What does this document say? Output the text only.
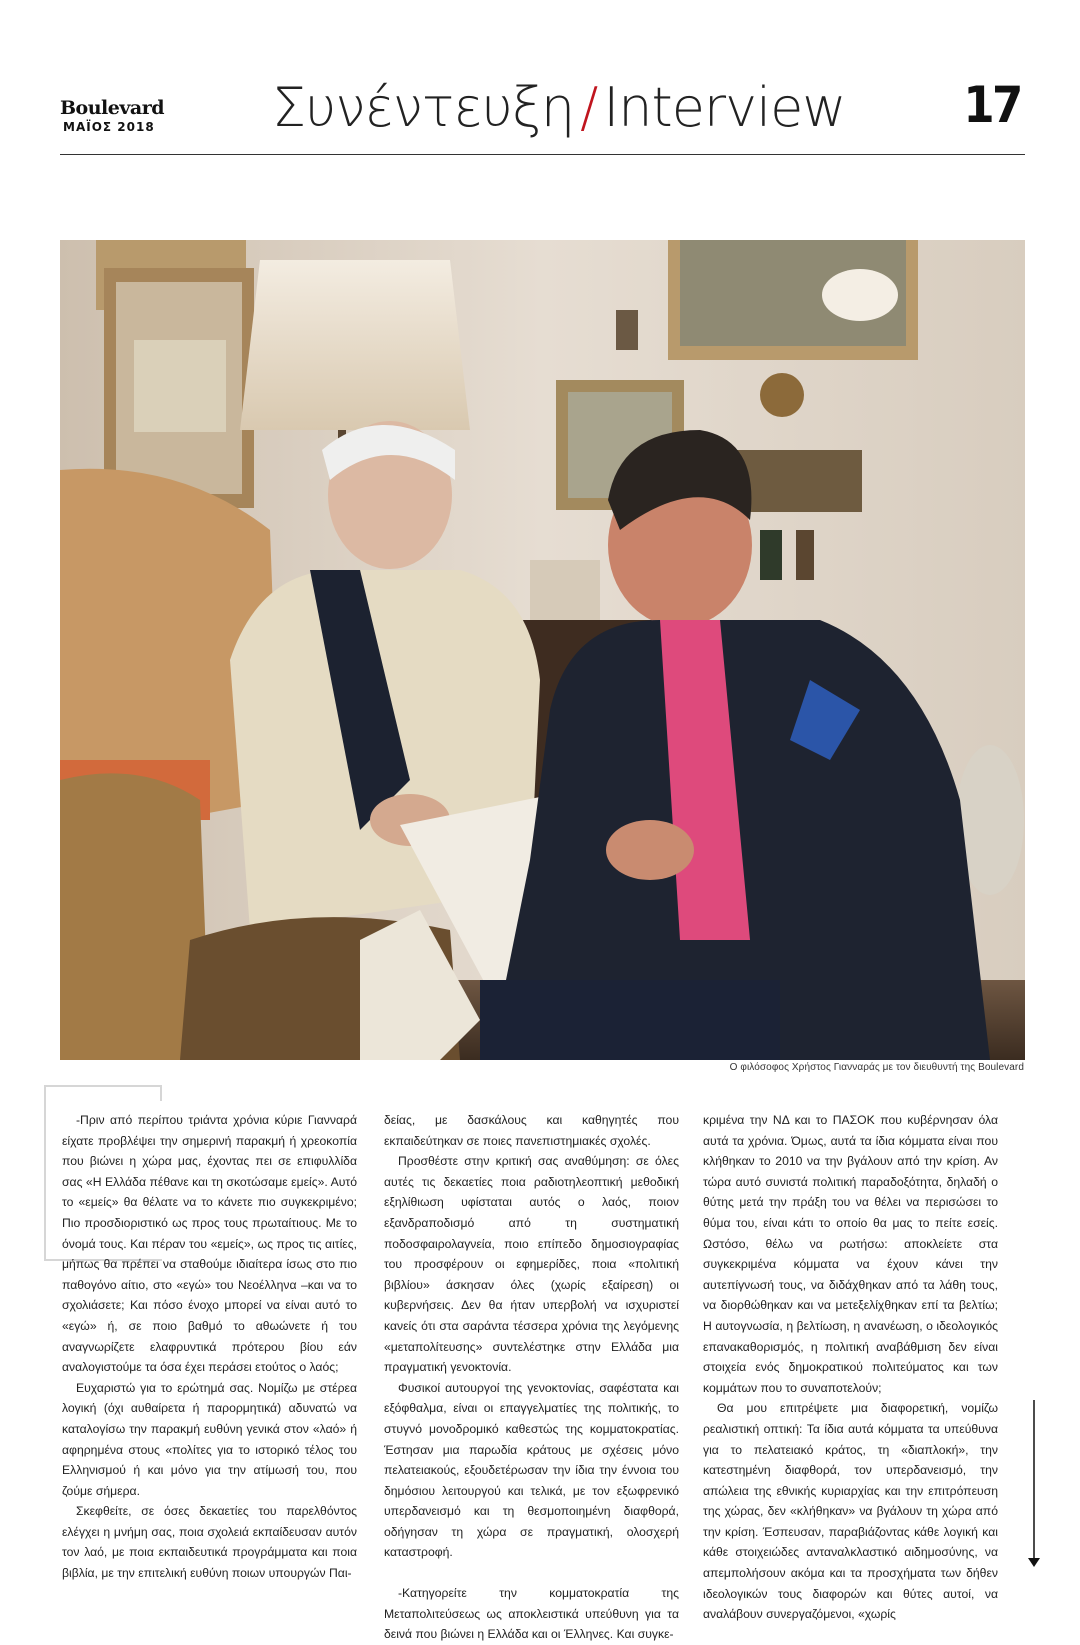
Boulevard
ΜΑΪΟΣ 2018 Συνέντευξη / Interview 17
Ο φιλόσοφος Χρήστος Γιανναράς με τον διευθυντή της Boulevard

-Πριν από περίπου τριάντα χρόνια κύριε Γιανναρά είχατε προβλέψει την σημερινή παρακμή ή χρεοκοπία που βιώνει η χώρα μας, έχοντας πει σε επιφυλλίδα σας «Η Ελλάδα πέθανε και τη σκοτώσαμε εμείς». Αυτό το «εμείς» θα θέλατε να το κάνετε πιο συγκεκριμένο; Πιο προσδιοριστικό ως προς τους πρωταίτιους. Με το όνομά τους. Και πέραν του «εμείς», ως προς τις αιτίες, μήπως θα πρέπει να σταθούμε ιδιαίτερα ίσως στο πιο παθογόνο αίτιο, στο «εγώ» του Νεοέλληνα –και να το σχολιάσετε; Και πόσο ένοχο μπορεί να είναι αυτό το «εγώ» ή, σε ποιο βαθμό το αθωώνετε ή του αναγνωρίζετε ελαφρυντικά πρότερου βίου εάν αναλογιστούμε τα όσα έχει περάσει ετούτος ο λαός;

Ευχαριστώ για το ερώτημά σας. Νομίζω με στέρεα λογική (όχι αυθαίρετα ή παρορμητικά) αδυνατώ να καταλογίσω την παρακμή ευθύνη γενικά στον «λαό» ή αφηρημένα στους «πολίτες για το ιστορικό τέλος του Ελληνισμού ή και μόνο για την ατίμωσή του, που ζούμε σήμερα.

Σκεφθείτε, σε όσες δεκαετίες του παρελθόντος ελέγχει η μνήμη σας, ποια σχολειά εκπαίδευσαν αυτόν τον λαό, με ποια εκπαιδευτικά προγράμματα και ποια βιβλία, με την επιτελική ευθύνη ποιων υπουργών Παι-

δείας, με δασκάλους και καθηγητές που εκπαιδεύτηκαν σε ποιες πανεπιστημιακές σχολές.

Προσθέστε στην κριτική σας αναθύμηση: σε όλες αυτές τις δεκαετίες ποια ραδιοτηλεοπτική μεθοδική εξηλίθιωση υφίσταται αυτός ο λαός, ποιον εξανδραποδισμό από τη συστηματική ποδοσφαιρολαγνεία, ποιο επίπεδο δημοσιογραφίας του προσφέρουν οι εφημερίδες, ποια «πολιτική βιβλίου» άσκησαν όλες (χωρίς εξαίρεση) οι κυβερνήσεις. Δεν θα ήταν υπερβολή να ισχυριστεί κανείς ότι στα σαράντα τέσσερα χρόνια της λεγόμενης «μεταπολίτευσης» συντελέστηκε στην Ελλάδα μια πραγματική γενοκτονία.

Φυσικοί αυτουργοί της γενοκτονίας, σαφέστατα και εξόφθαλμα, είναι οι επαγγελματίες της πολιτικής, το στυγνό μονοδρομικό καθεστώς της κομματοκρατίας. Έστησαν μια παρωδία κράτους με σχέσεις μόνο πελατειακούς, εξουδετέρωσαν την ίδια την έννοια του δημόσιου λειτουργού και τελικά, με τον εξωφρενικό υπερδανεισμό και τη θεσμοποιημένη διαφθορά, οδήγησαν τη χώρα σε πραγματική, ολοσχερή καταστροφή.

-Κατηγορείτε την κομματοκρατία της Μεταπολιτεύσεως ως αποκλειστικά υπεύθυνη για τα δεινά που βιώνει η Ελλάδα και οι Έλληνες. Και συγκε-

κριμένα την ΝΔ και το ΠΑΣΟΚ που κυβέρνησαν όλα αυτά τα χρόνια. Όμως, αυτά τα ίδια κόμματα είναι που κλήθηκαν το 2010 να την βγάλουν από την κρίση. Αν τώρα αυτό συνιστά πολιτική παραδοξότητα, δηλαδή ο θύτης μετά την πράξη του να θέλει να περισώσει το θύμα του, είναι κάτι το οποίο θα μας το πείτε εσείς. Ωστόσο, θέλω να ρωτήσω: αποκλείετε στα συγκεκριμένα κόμματα να έχουν κάνει την αυτεπίγνωσή τους, να διδάχθηκαν από τα λάθη τους, να διορθώθηκαν και να μετεξελίχθηκαν επί τα βελτίω; Η αυτογνωσία, η βελτίωση, η ανανέωση, ο ιδεολογικός επανακαθορισμός, η πολιτική αναβάθμιση δεν είναι στοιχεία ενός δημοκρατικού πολιτεύματος και των κομμάτων που το συναποτελούν;

Θα μου επιτρέψετε μια διαφορετική, νομίζω ρεαλιστική οπτική: Τα ίδια αυτά κόμματα τα υπεύθυνα για το πελατειακό κράτος, τη «διαπλοκή», την κατεστημένη διαφθορά, τον υπερδανεισμό, την απώλεια της εθνικής κυριαρχίας και την επιτρόπευση της χώρας, δεν «κλήθηκαν» να βγάλουν τη χώρα από την κρίση. Έσπευσαν, παραβιάζοντας κάθε λογική και κάθε στοιχειώδες ανταναλκλαστικό αιδημοσύνης, να απεμπολήσουν ακόμα και τα προσχήματα των δήθεν ιδεολογικών τους διαφορών και θύτες αυτοί, να αναλάβουν συνεργαζόμενοι, «χωρίς
